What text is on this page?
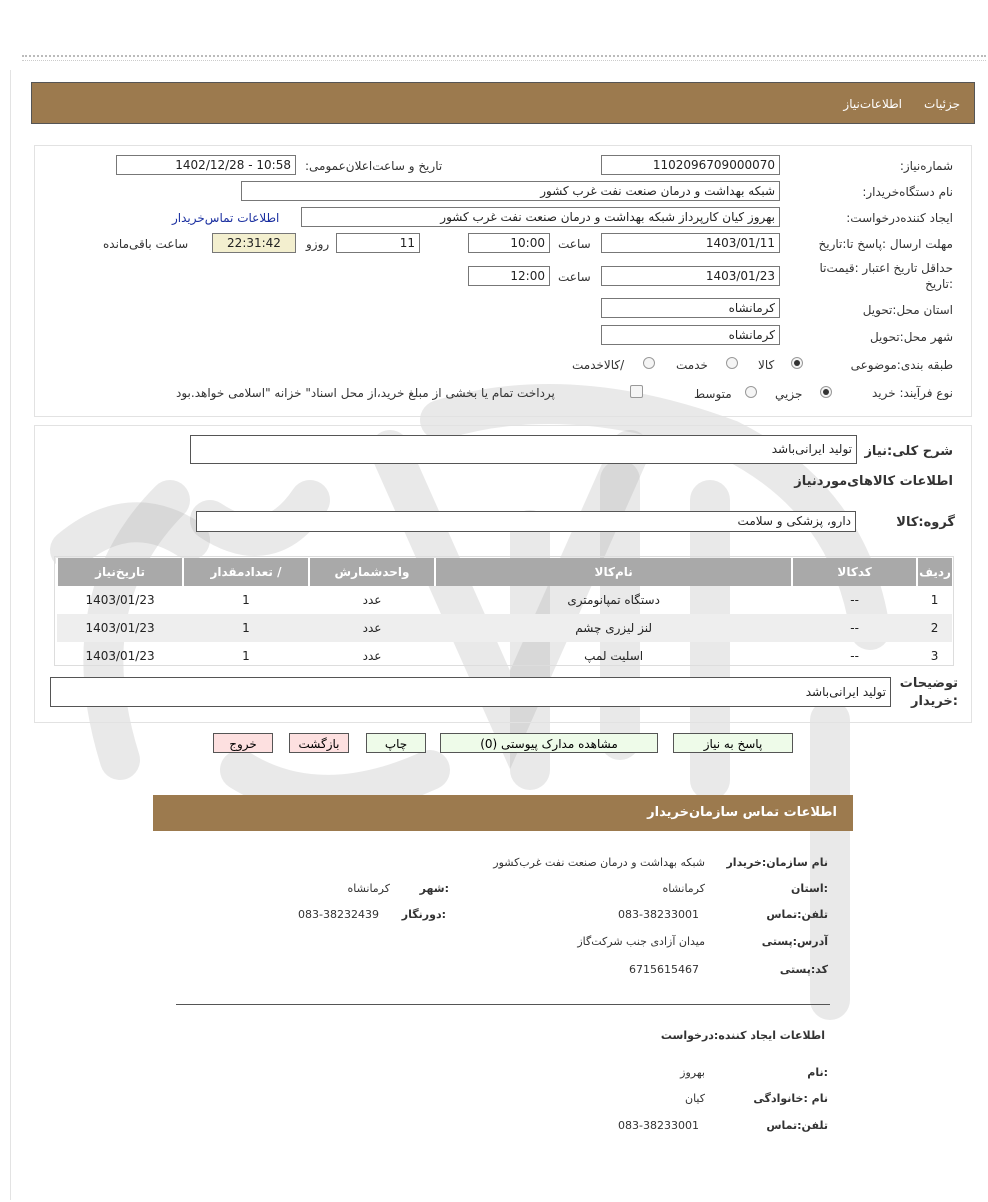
جزئیات
اطلاعات‌نیاز
شماره‌نیاز:
1102096709000070
تاریخ و ساعت‌اعلان‌عمومی:
1402/12/28 - 10:58
نام دستگاه‌خریدار:
شبکه بهداشت و درمان صنعت نفت غرب کشور
ایجاد کننده‌درخواست:
بهروز کیان کارپرداز شبکه بهداشت و درمان صنعت نفت غرب کشور
اطلاعات تماس‌خریدار
مهلت ارسال :پاسخ تا:تاریخ
1403/01/11
ساعت
10:00
11
روزو
22:31:42
ساعت باقی‌مانده
حداقل تاریخ اعتبار :قیمت‌تا
:تاریخ
1403/01/23
ساعت
12:00
استان محل:تحویل
کرمانشاه
شهر محل:تحویل
کرمانشاه
طبقه بندی:موضوعی
کالا
خدمت
/کالاخدمت
نوع فرآیند: خرید
جزیي
متوسط
پرداخت تمام یا بخشی از مبلغ خرید،از محل اسناد" خزانه "اسلامی خواهد.بود
شرح کلی:نیاز
تولید ایرانی‌باشد
اطلاعات کالاهای‌موردنیاز
گروه:کالا
دارو، پزشکی و سلامت
ردیف	کدکالا	نام‌کالا	واحدشمارش	/ تعدادمقدار	تاریخ‌نیاز
1	--	دستگاه تمپانومتری	عدد	1	1403/01/23
2	--	لنز لیزری چشم	عدد	1	1403/01/23
3	--	اسلیت لمپ	عدد	1	1403/01/23
توضیحات
:خریدار
تولید ایرانی‌باشد
پاسخ به نیاز
مشاهده مدارک پیوستی (0)
چاپ
بازگشت
خروج
اطلاعات تماس سازمان‌خریدار
نام سازمان:خریدار
شبکه بهداشت و درمان صنعت نفت غرب‌کشور
:استان
کرمانشاه
:شهر
کرمانشاه
تلفن:تماس
083-38233001
:دورنگار
083-38232439
آدرس:پستی
میدان آزادی جنب شرکت‌گاز
کد:پستی
6715615467
اطلاعات ایجاد کننده:درخواست
:نام
بهروز
نام :خانوادگی
کیان
تلفن:تماس
083-38233001
